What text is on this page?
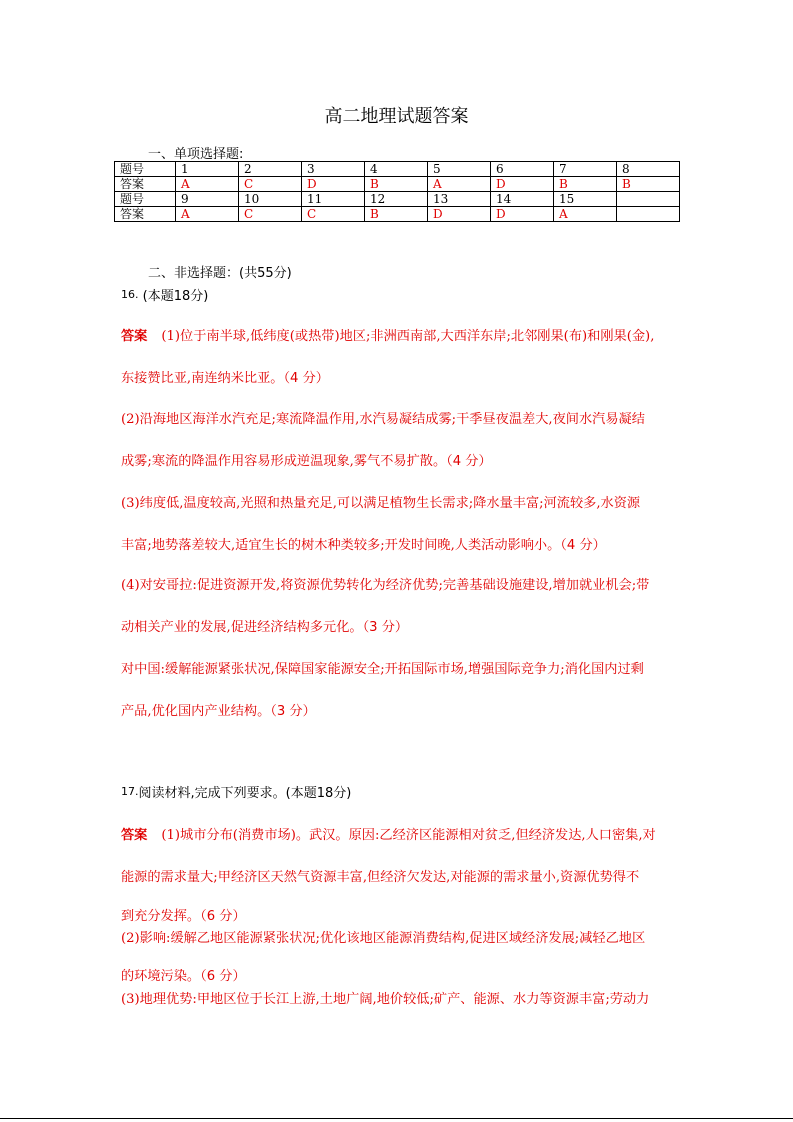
高二地理试题答案
一、单项选择题:
题号	1	2	3	4	5	6	7	8
答案	A	C	D	B	A	D	B	B
题号	9	10	11	12	13	14	15	
答案	A	C	C	B	D	D	A	
二、非选择题：(共55分)
16. (本题18分)
答案 (1)位于南半球,低纬度(或热带)地区;非洲西南部,大西洋东岸;北邻刚果(布)和刚果(金),
东接赞比亚,南连纳米比亚。（4 分）
(2)沿海地区海洋水汽充足;寒流降温作用,水汽易凝结成雾;干季昼夜温差大,夜间水汽易凝结
成雾;寒流的降温作用容易形成逆温现象,雾气不易扩散。（4 分）
(3)纬度低,温度较高,光照和热量充足,可以满足植物生长需求;降水量丰富;河流较多,水资源
丰富;地势落差较大,适宜生长的树木种类较多;开发时间晚,人类活动影响小。（4 分）
(4)对安哥拉:促进资源开发,将资源优势转化为经济优势;完善基础设施建设,增加就业机会;带
动相关产业的发展,促进经济结构多元化。（3 分）
对中国:缓解能源紧张状况,保障国家能源安全;开拓国际市场,增强国际竞争力;消化国内过剩
产品,优化国内产业结构。（3 分）
17.阅读材料,完成下列要求。(本题18分)
答案 (1)城市分布(消费市场)。武汉。原因:乙经济区能源相对贫乏,但经济发达,人口密集,对
能源的需求量大;甲经济区天然气资源丰富,但经济欠发达,对能源的需求量小,资源优势得不
到充分发挥。（6 分）
(2)影响:缓解乙地区能源紧张状况;优化该地区能源消费结构,促进区域经济发展;减轻乙地区
的环境污染。（6 分）
(3)地理优势:甲地区位于长江上游,土地广阔,地价较低;矿产、能源、水力等资源丰富;劳动力
